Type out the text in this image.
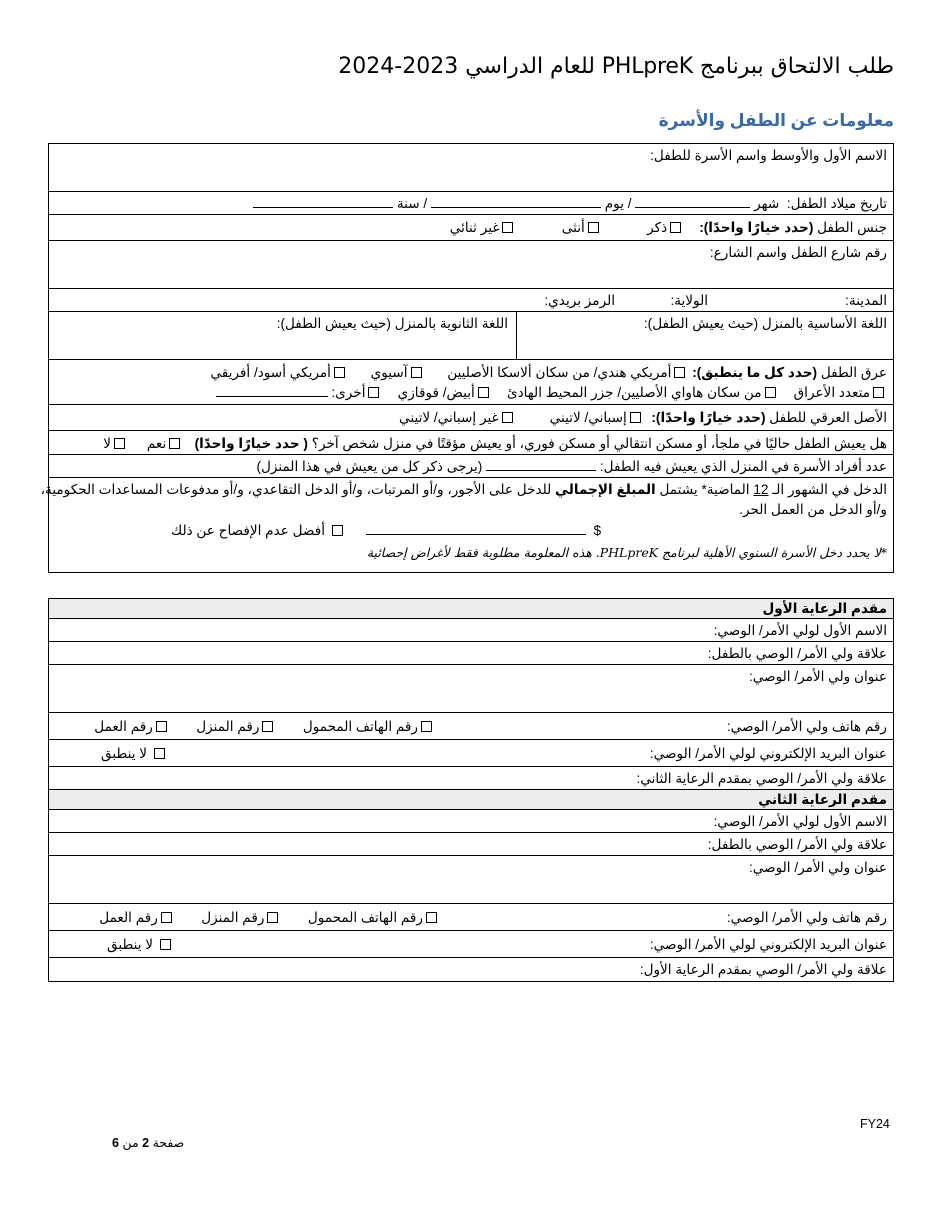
طلب الالتحاق ببرنامج PHLpreK للعام الدراسي 2023-2024
معلومات عن الطفل والأسرة
الاسم الأول والأوسط واسم الأسرة للطفل:
تاريخ ميلاد الطفل:  شهر  / يوم  / سنة
جنس الطفل (حدد خيارًا واحدًا):    ذكر            أنثى            غير ثنائي
رقم شارع الطفل واسم الشارع:
المدينة:
الولاية:
الرمز بريدي:
اللغة الأساسية بالمنزل (حيث يعيش الطفل):
اللغة الثانوية بالمنزل (حيث يعيش الطفل):
عرق الطفل (حدد كل ما ينطبق): أمريكي هندي/ من سكان ألاسكا الأصليين      آسيوي      أمريكي أسود/ أفريقي
متعدد الأعراق    من سكان هاواي الأصليين/ جزر المحيط الهادئ    أبيض/ قوقازي    أخرى:
الأصل العرقي للطفل (حدد خيارًا واحدًا):  إسباني/ لاتيني         غير إسباني/ لاتيني
هل يعيش الطفل حاليًا في ملجأ، أو مسكن انتقالي أو مسكن فوري، أو يعيش مؤقتًا في منزل شخص آخر؟ ( حدد خيارًا واحدًا)   نعم     لا
عدد أفراد الأسرة في المنزل الذي يعيش فيه الطفل:  (يرجى ذكر كل من يعيش في هذا المنزل)
الدخل في الشهور الـ 12 الماضية* يشتمل المبلغ الإجمالي للدخل على الأجور، و/أو المرتبات، و/أو الدخل التقاعدي، و/أو مدفوعات المساعدات الحكومية،
و/أو الدخل من العمل الحر.
$
أفضل عدم الإفصاح عن ذلك
*لا يحدد دخل الأسرة السنوي الأهلية لبرنامج PHLpreK. هذه المعلومة مطلوبة فقط لأغراض إحصائية
مقدم الرعاية الأول
الاسم الأول لولي الأمر/ الوصي:
علاقة ولي الأمر/ الوصي بالطفل:
عنوان ولي الأمر/ الوصي:
رقم هاتف ولي الأمر/ الوصي:
رقم الهاتف المحمول       رقم المنزل       رقم العمل
عنوان البريد الإلكتروني لولي الأمر/ الوصي:
لا ينطبق
علاقة ولي الأمر/ الوصي بمقدم الرعاية الثاني:
مقدم الرعاية الثاني
الاسم الأول لولي الأمر/ الوصي:
علاقة ولي الأمر/ الوصي بالطفل:
عنوان ولي الأمر/ الوصي:
رقم هاتف ولي الأمر/ الوصي:
رقم الهاتف المحمول       رقم المنزل       رقم العمل
عنوان البريد الإلكتروني لولي الأمر/ الوصي:
لا ينطبق
علاقة ولي الأمر/ الوصي بمقدم الرعاية الأول:
FY24
صفحة 2 من 6
